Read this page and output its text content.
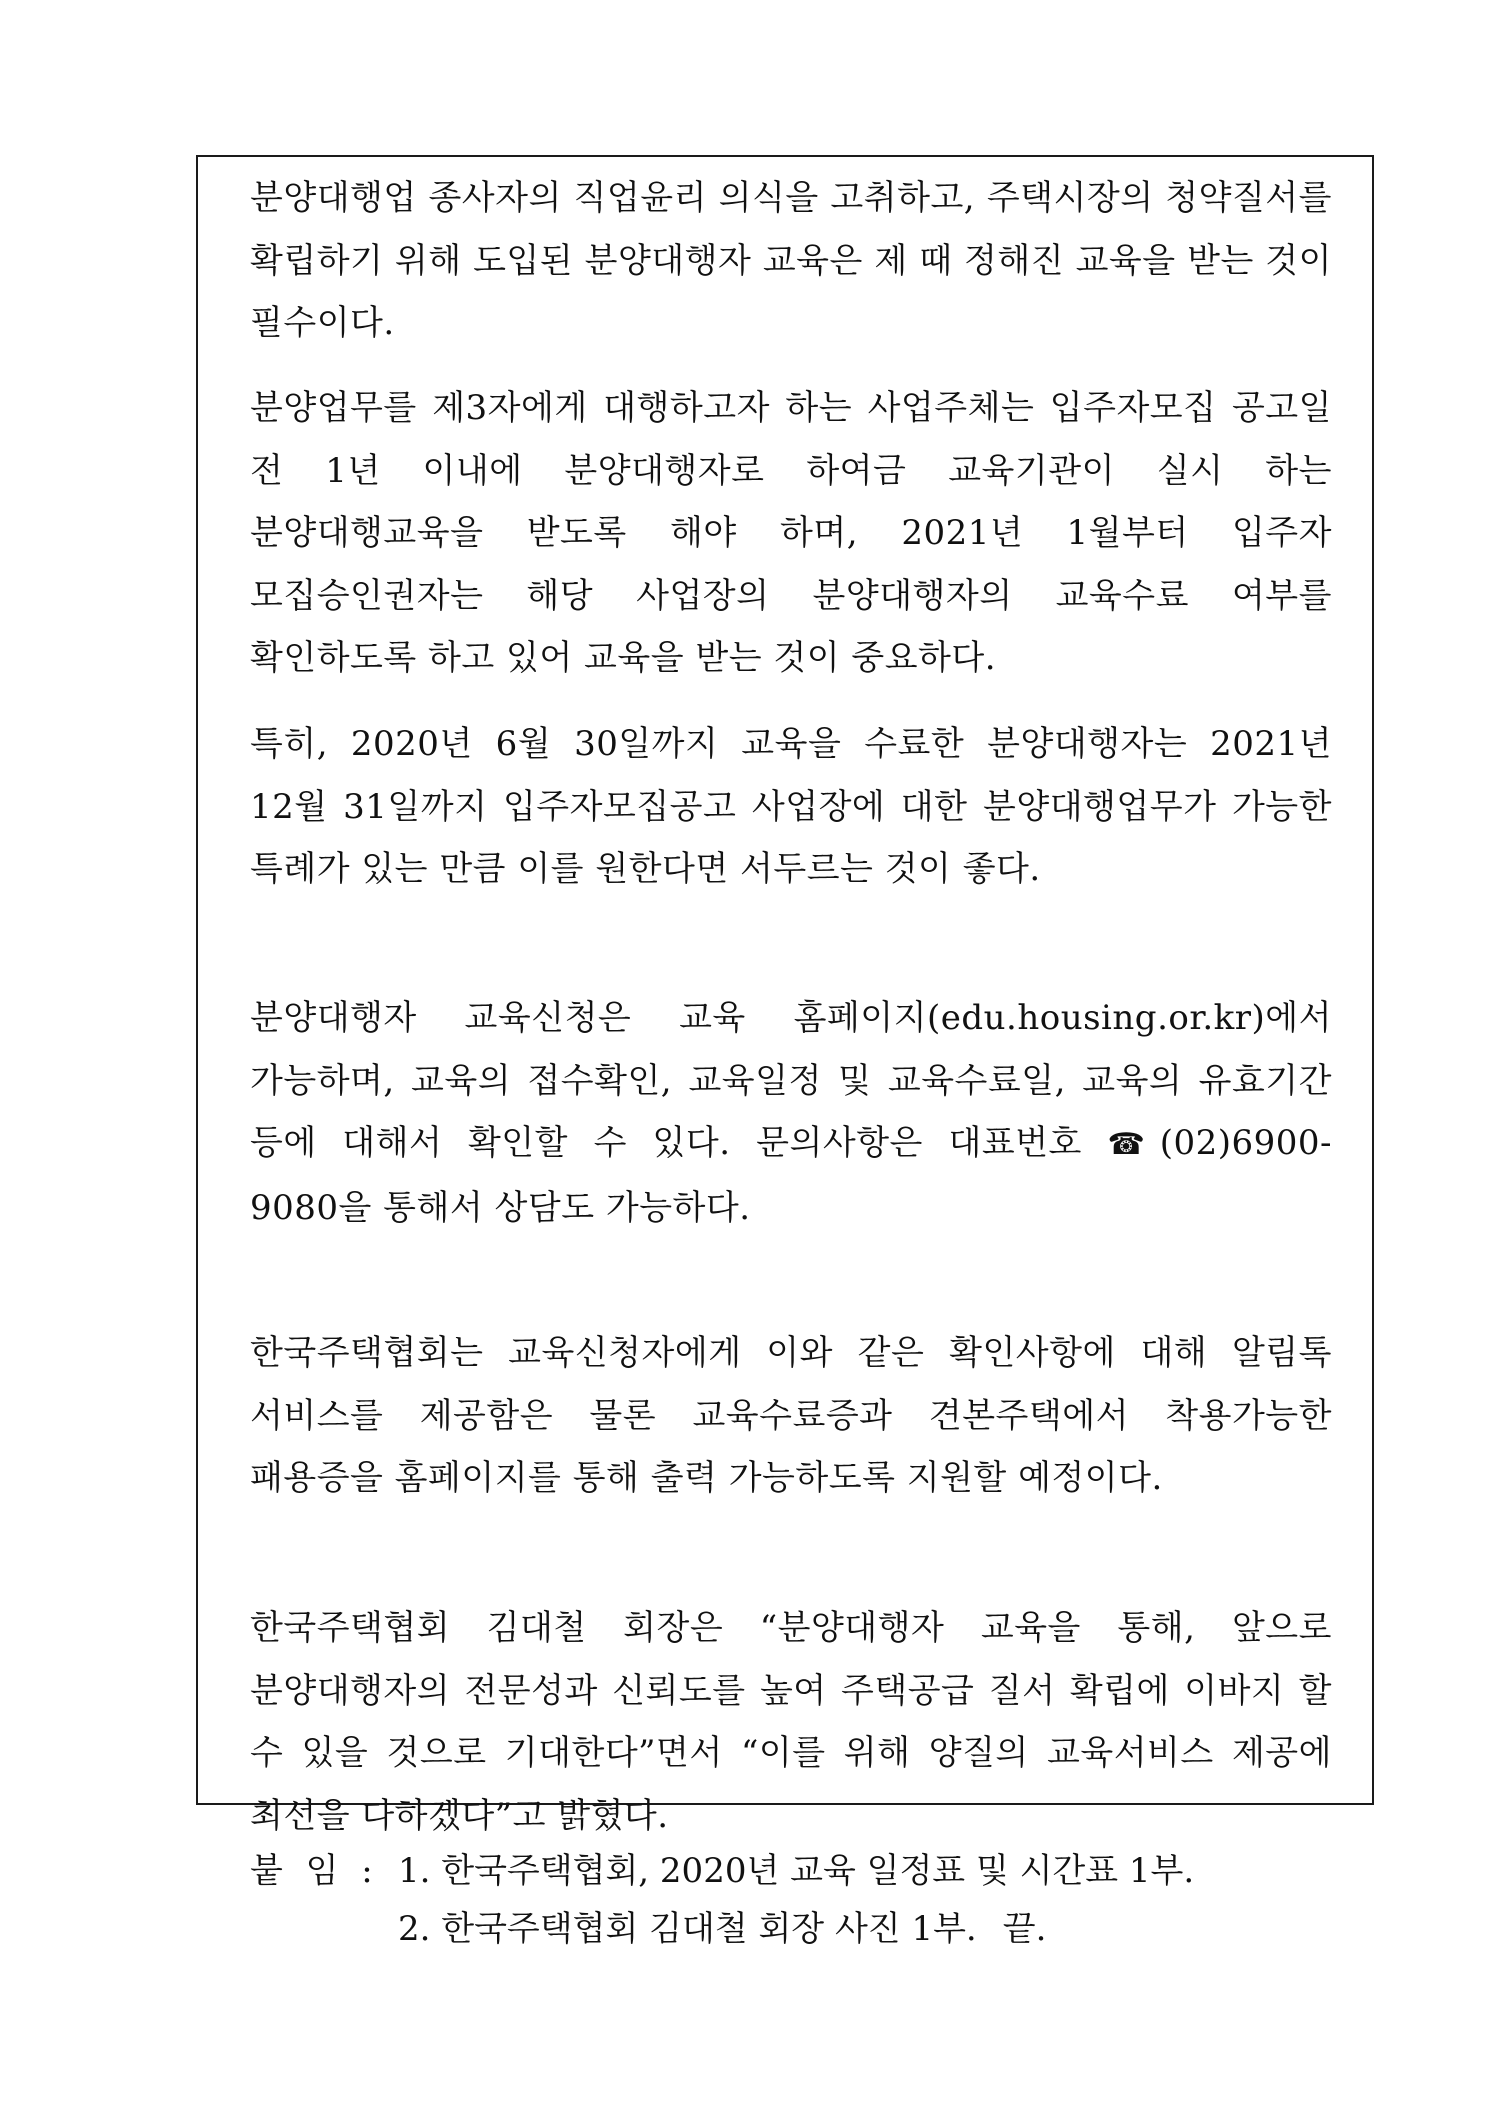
분양대행업 종사자의 직업윤리 의식을 고취하고, 주택시장의 청약질서를 확립하기 위해 도입된 분양대행자 교육은 제 때 정해진 교육을 받는 것이 필수이다.

분양업무를 제3자에게 대행하고자 하는 사업주체는 입주자모집 공고일 전 1년 이내에 분양대행자로 하여금 교육기관이 실시 하는 분양대행교육을 받도록 해야 하며, 2021년 1월부터 입주자 모집승인권자는 해당 사업장의 분양대행자의 교육수료 여부를 확인하도록 하고 있어 교육을 받는 것이 중요하다.

특히, 2020년 6월 30일까지 교육을 수료한 분양대행자는 2021년 12월 31일까지 입주자모집공고 사업장에 대한 분양대행업무가 가능한 특례가 있는 만큼 이를 원한다면 서두르는 것이 좋다.

분양대행자 교육신청은 교육 홈페이지(edu.housing.or.kr)에서 가능하며, 교육의 접수확인, 교육일정 및 교육수료일, 교육의 유효기간 등에 대해서 확인할 수 있다. 문의사항은 대표번호 ☎(02)6900-9080을 통해서 상담도 가능하다.

한국주택협회는 교육신청자에게 이와 같은 확인사항에 대해 알림톡 서비스를 제공함은 물론 교육수료증과 견본주택에서 착용가능한 패용증을 홈페이지를 통해 출력 가능하도록 지원할 예정이다.

한국주택협회 김대철 회장은 “분양대행자 교육을 통해, 앞으로 분양대행자의 전문성과 신뢰도를 높여 주택공급 질서 확립에 이바지 할 수 있을 것으로 기대한다”면서 “이를 위해 양질의 교육서비스 제공에 최선을 다하겠다”고 밝혔다.

붙 임 : 1. 한국주택협회, 2020년 교육 일정표 및 시간표 1부.
2. 한국주택협회 김대철 회장 사진 1부. 끝.
